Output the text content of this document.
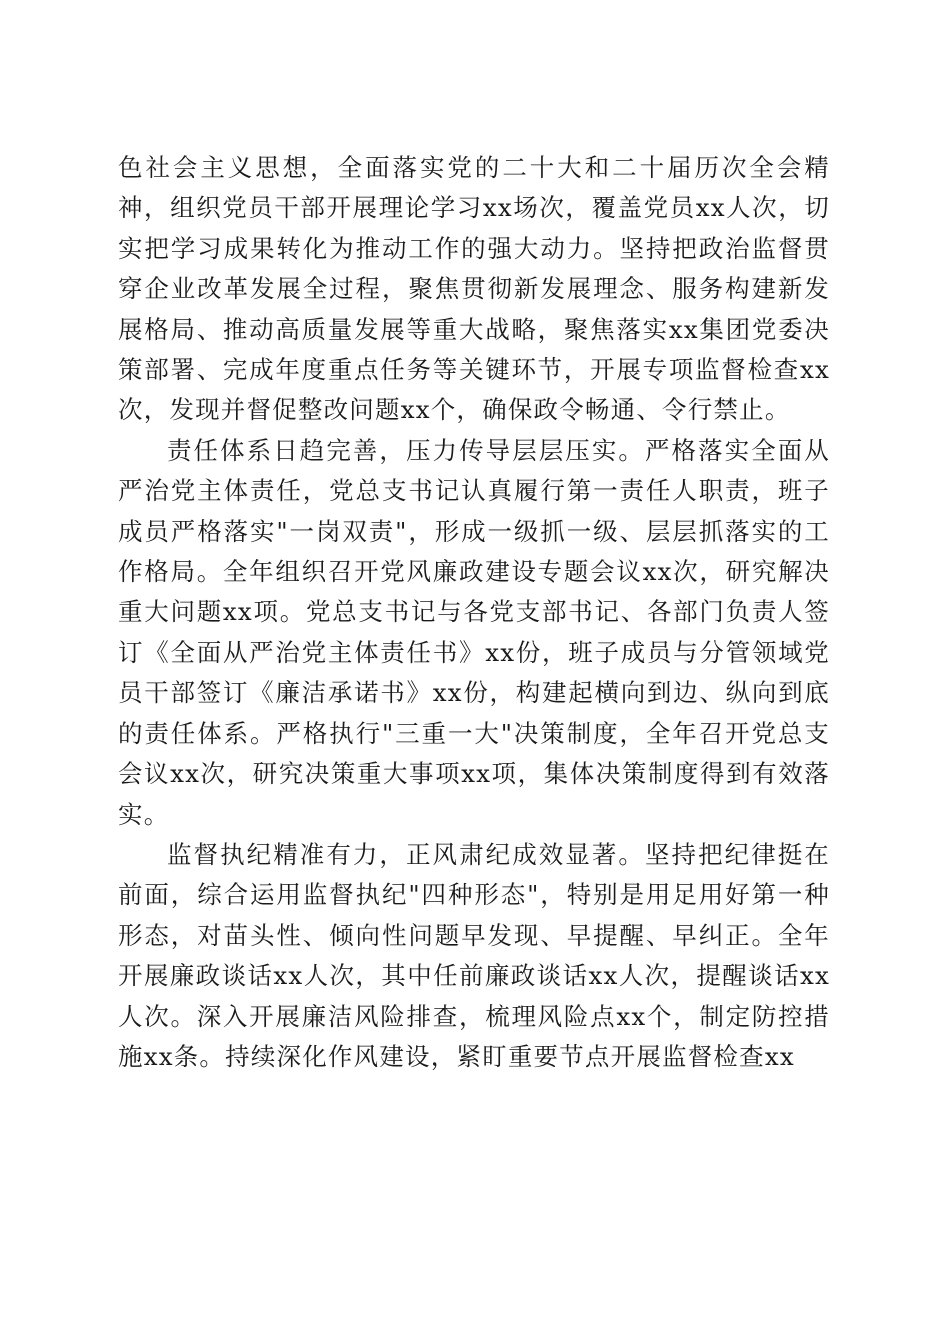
色社会主义思想，全面落实党的二十大和二十届历次全会精神，组织党员干部开展理论学习xx场次，覆盖党员xx人次，切实把学习成果转化为推动工作的强大动力。坚持把政治监督贯穿企业改革发展全过程，聚焦贯彻新发展理念、服务构建新发展格局、推动高质量发展等重大战略，聚焦落实xx集团党委决策部署、完成年度重点任务等关键环节，开展专项监督检查xx次，发现并督促整改问题xx个，确保政令畅通、令行禁止。

责任体系日趋完善，压力传导层层压实。严格落实全面从严治党主体责任，党总支书记认真履行第一责任人职责，班子成员严格落实"一岗双责"，形成一级抓一级、层层抓落实的工作格局。全年组织召开党风廉政建设专题会议xx次，研究解决重大问题xx项。党总支书记与各党支部书记、各部门负责人签订《全面从严治党主体责任书》xx份，班子成员与分管领域党员干部签订《廉洁承诺书》xx份，构建起横向到边、纵向到底的责任体系。严格执行"三重一大"决策制度，全年召开党总支会议xx次，研究决策重大事项xx项，集体决策制度得到有效落实。

监督执纪精准有力，正风肃纪成效显著。坚持把纪律挺在前面，综合运用监督执纪"四种形态"，特别是用足用好第一种形态，对苗头性、倾向性问题早发现、早提醒、早纠正。全年开展廉政谈话xx人次，其中任前廉政谈话xx人次，提醒谈话xx人次。深入开展廉洁风险排查，梳理风险点xx个，制定防控措施xx条。持续深化作风建设，紧盯重要节点开展监督检查xx
